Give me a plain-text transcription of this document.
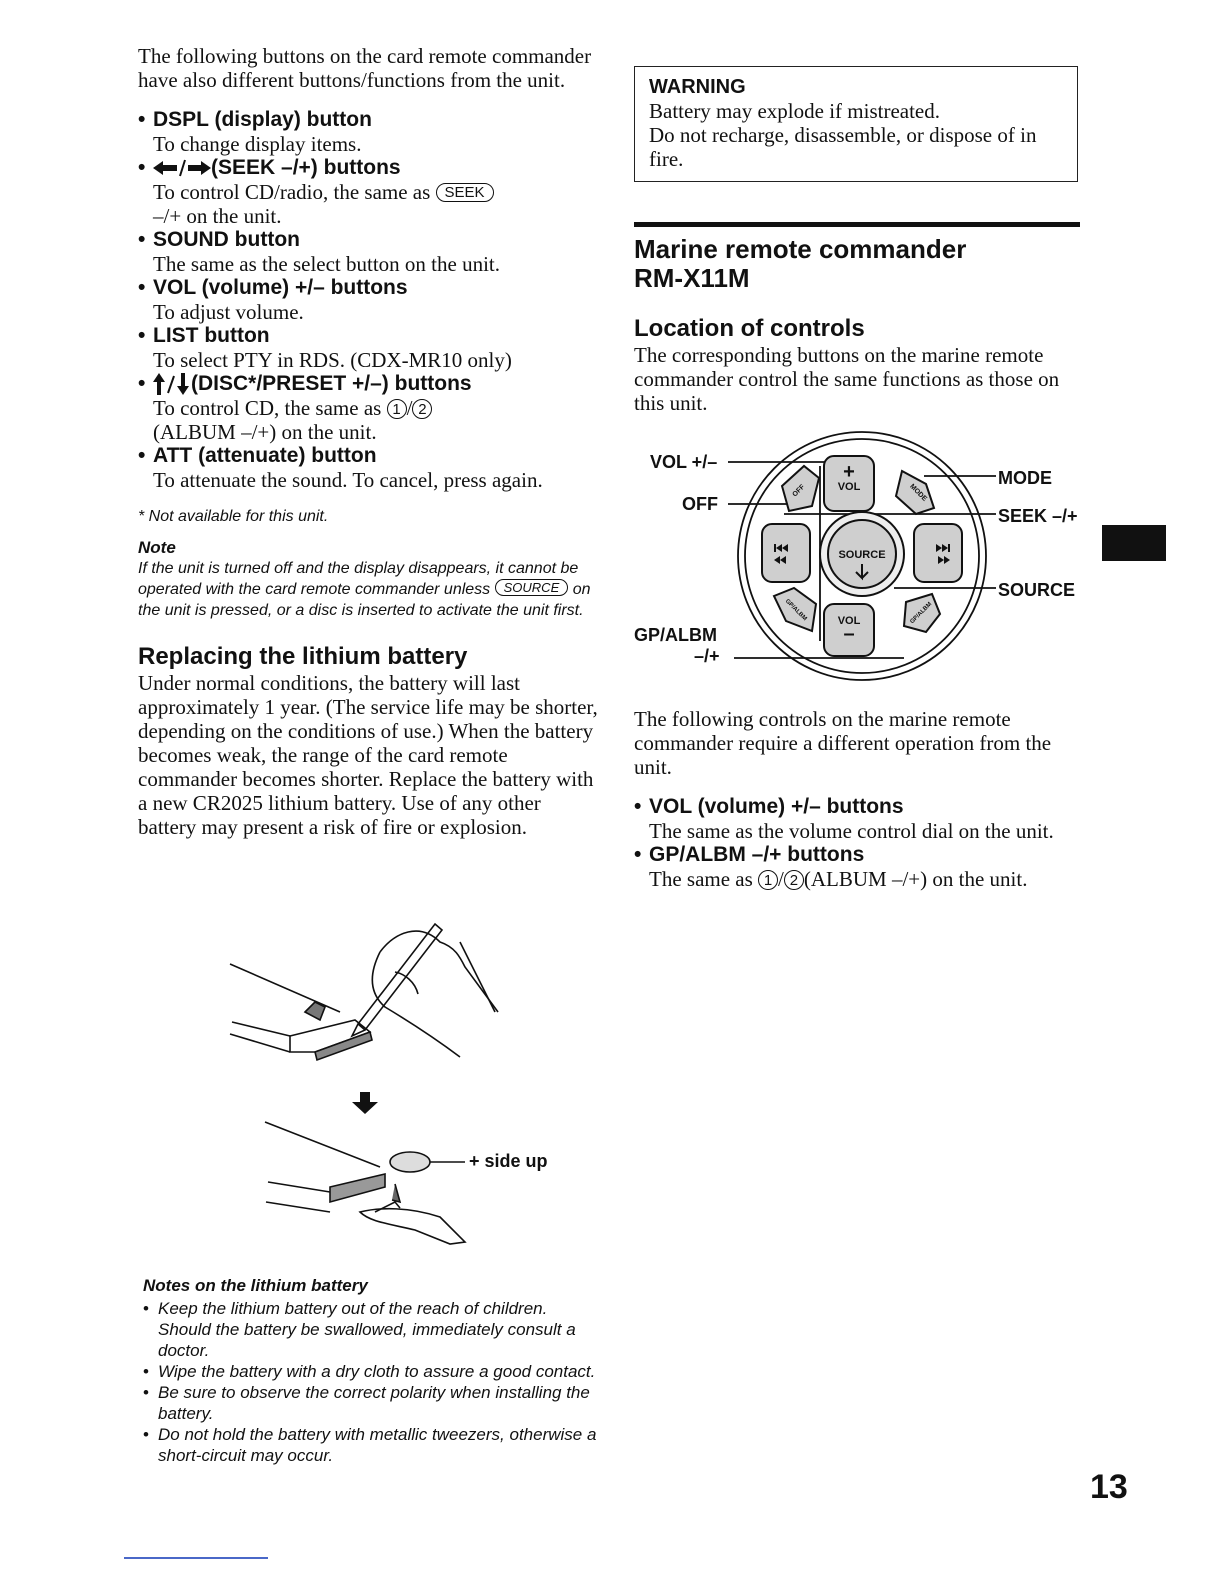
The following buttons on the card remote commander have also different buttons/functions from the unit.

• DSPL (display) button
To change display items.
•	(SEEK –/+) buttons
To control CD/radio, the same as SEEK
–/+ on the unit.
• SOUND button
The same as the select button on the unit.
• VOL (volume) +/– buttons
To adjust volume.
• LIST button
To select PTY in RDS. (CDX-MR10 only)
•	(DISC*/PRESET +/–) buttons
To control CD, the same as 1 / 2
(ALBUM –/+) on the unit.
• ATT (attenuate) button
To attenuate the sound. To cancel, press again.
* Not available for this unit.
Note
If the unit is turned off and the display disappears, it cannot be operated with the card remote commander unless SOURCE on the unit is pressed, or a disc is inserted to activate the unit first.
Replacing the lithium battery

Under normal conditions, the battery will last approximately 1 year. (The service life may be shorter, depending on the conditions of use.) When the battery becomes weak, the range of the card remote commander becomes shorter. Replace the battery with a new CR2025 lithium battery. Use of any other battery may present a risk of fire or explosion.

+ side up
Notes on the lithium battery
• Keep the lithium battery out of the reach of children. Should the battery be swallowed, immediately consult a doctor.
• Wipe the battery with a dry cloth to assure a good contact.
• Be sure to observe the correct polarity when installing the battery.
• Do not hold the battery with metallic tweezers, otherwise a short-circuit may occur.
WARNING
Battery may explode if mistreated.
Do not recharge, disassemble, or dispose of in fire.
Marine remote commander
RM-X11M
Location of controls

The corresponding buttons on the marine remote commander control the same functions as those on this unit.

SOURCE
+
VOL
VOL
–
OFF	MODE
GP/ALBM	GP/ALBM
VOL +/–
OFF
GP/ALBM
–/+
MODE
SEEK –/+
SOURCE

The following controls on the marine remote commander require a different operation from the unit.

• VOL (volume) +/– buttons
The same as the volume control dial on the unit.
• GP/ALBM –/+ buttons
The same as 1 / 2 (ALBUM –/+) on the unit.
13
